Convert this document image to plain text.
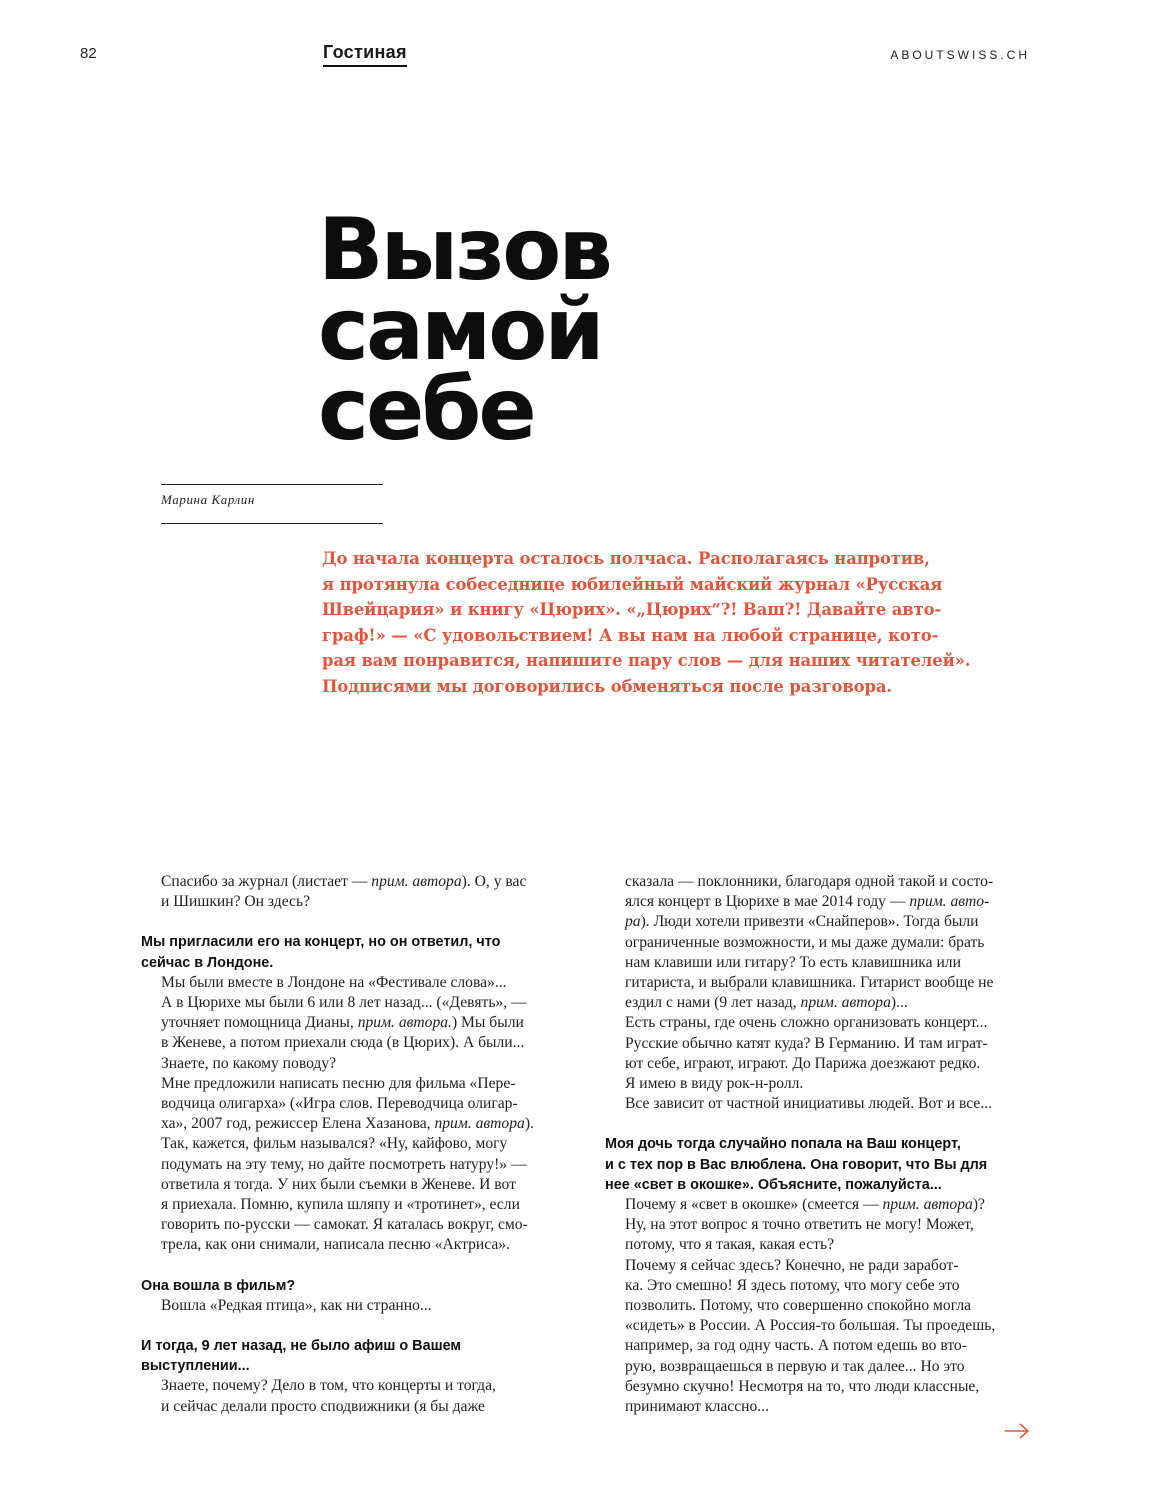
82	Гостиная	ABOUTSWISS.CH
Вызов
самой
себе
Марина Карлин

До начала концерта осталось полчаса. Располагаясь напротив,
я протянула собеседнице юбилейный майский журнал «Русская
Швейцария» и книгу «Цюрих». «„Цюрих“?! Ваш?! Давайте авто-
граф!» — «С удовольствием! А вы нам на любой странице, кото-
рая вам понравится, напишите пару слов — для наших читателей».
Подписями мы договорились обменяться после разговора.

Спасибо за журнал (листает — прим. автора). О, у вас
и Шишкин? Он здесь?
Мы пригласили его на концерт, но он ответил, что
сейчас в Лондоне.
Мы были вместе в Лондоне на «Фестивале слова»...
А в Цюрихе мы были 6 или 8 лет назад... («Девять», —
уточняет помощница Дианы, прим. автора.) Мы были
в Женеве, а потом приехали сюда (в Цюрих). А были...
Знаете, по какому поводу?
Мне предложили написать песню для фильма «Пере-
водчица олигарха» («Игра слов. Переводчица олигар-
ха», 2007 год, режиссер Елена Хазанова, прим. автора).
Так, кажется, фильм назывался? «Ну, кайфово, могу
подумать на эту тему, но дайте посмотреть натуру!» —
ответила я тогда. У них были съемки в Женеве. И вот
я приехала. Помню, купила шляпу и «тротинет», если
говорить по-русски — самокат. Я каталась вокруг, смо-
трела, как они снимали, написала песню «Актриса».
Она вошла в фильм?
Вошла «Редкая птица», как ни странно...
И тогда, 9 лет назад, не было афиш о Вашем
выступлении...
Знаете, почему? Дело в том, что концерты и тогда,
и сейчас делали просто сподвижники (я бы даже
сказала — поклонники, благодаря одной такой и состо-
ялся концерт в Цюрихе в мае 2014 году — прим. авто-
ра). Люди хотели привезти «Снайперов». Тогда были
ограниченные возможности, и мы даже думали: брать
нам клавиши или гитару? То есть клавишника или
гитариста, и выбрали клавишника. Гитарист вообще не
ездил с нами (9 лет назад, прим. автора)...
Есть страны, где очень сложно организовать концерт...
Русские обычно катят куда? В Германию. И там играт-
ют себе, играют, играют. До Парижа доезжают редко.
Я имею в виду рок-н-ролл.
Все зависит от частной инициативы людей. Вот и все...
Моя дочь тогда случайно попала на Ваш концерт,
и с тех пор в Вас влюблена. Она говорит, что Вы для
нее «свет в окошке». Объясните, пожалуйста...
Почему я «свет в окошке» (смеется — прим. автора)?
Ну, на этот вопрос я точно ответить не могу! Может,
потому, что я такая, какая есть?
Почему я сейчас здесь? Конечно, не ради заработ-
ка. Это смешно! Я здесь потому, что могу себе это
позволить. Потому, что совершенно спокойно могла
«сидеть» в России. А Россия-то большая. Ты проедешь,
например, за год одну часть. А потом едешь во вто-
рую, возвращаешься в первую и так далее... Но это
безумно скучно! Несмотря на то, что люди классные,
принимают классно...
